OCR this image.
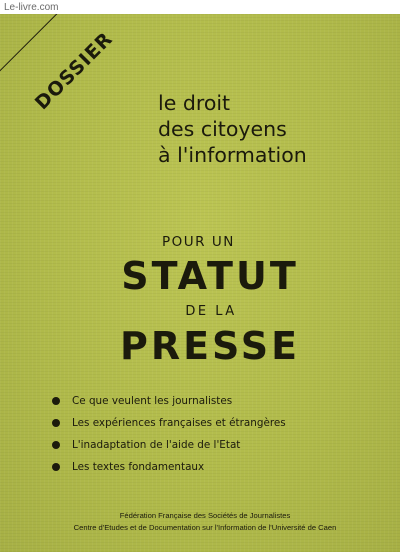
Le-livre.com
DOSSIER	le droit
des citoyens
à l'information
POUR UN
STATUT
DE LA
PRESSE
Ce que veulent les journalistes
Les expériences françaises et étrangères
L'inadaptation de l'aide de l'Etat
Les textes fondamentaux
Fédération Française des Sociétés de Journalistes
Centre d'Etudes et de Documentation sur l'Information de l'Université de Caen
